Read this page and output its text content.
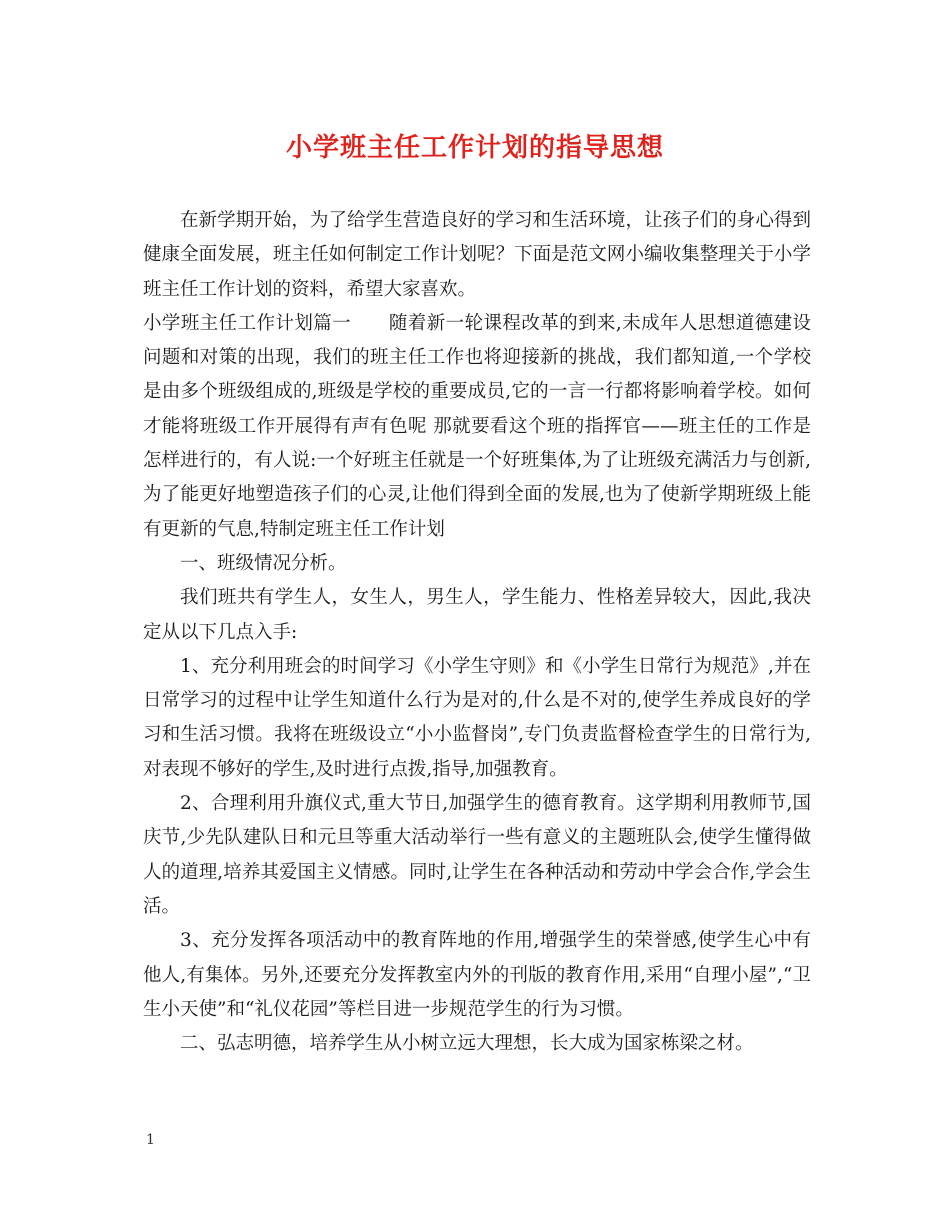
小学班主任工作计划的指导思想

在新学期开始，为了给学生营造良好的学习和生活环境，让孩子们的身心得到健康全面发展，班主任如何制定工作计划呢？下面是范文网小编收集整理关于小学班主任工作计划的资料，希望大家喜欢。

小学班主任工作计划篇一　　随着新一轮课程改革的到来,未成年人思想道德建设问题和对策的出现，我们的班主任工作也将迎接新的挑战，我们都知道,一个学校是由多个班级组成的,班级是学校的重要成员,它的一言一行都将影响着学校。如何才能将班级工作开展得有声有色呢 那就要看这个班的指挥官——班主任的工作是怎样进行的，有人说:一个好班主任就是一个好班集体,为了让班级充满活力与创新,为了能更好地塑造孩子们的心灵,让他们得到全面的发展,也为了使新学期班级上能有更新的气息,特制定班主任工作计划

一、班级情况分析。

我们班共有学生人，女生人，男生人，学生能力、性格差异较大，因此,我决定从以下几点入手:

1、充分利用班会的时间学习《小学生守则》和《小学生日常行为规范》,并在日常学习的过程中让学生知道什么行为是对的,什么是不对的,使学生养成良好的学习和生活习惯。我将在班级设立“小小监督岗”,专门负责监督检查学生的日常行为,对表现不够好的学生,及时进行点拨,指导,加强教育。

2、合理利用升旗仪式,重大节日,加强学生的德育教育。这学期利用教师节,国庆节,少先队建队日和元旦等重大活动举行一些有意义的主题班队会,使学生懂得做人的道理,培养其爱国主义情感。同时,让学生在各种活动和劳动中学会合作,学会生活。

3、充分发挥各项活动中的教育阵地的作用,增强学生的荣誉感,使学生心中有他人,有集体。另外,还要充分发挥教室内外的刊版的教育作用,采用“自理小屋”,“卫生小天使”和“礼仪花园”等栏目进一步规范学生的行为习惯。

二、弘志明德，培养学生从小树立远大理想，长大成为国家栋梁之材。

1
